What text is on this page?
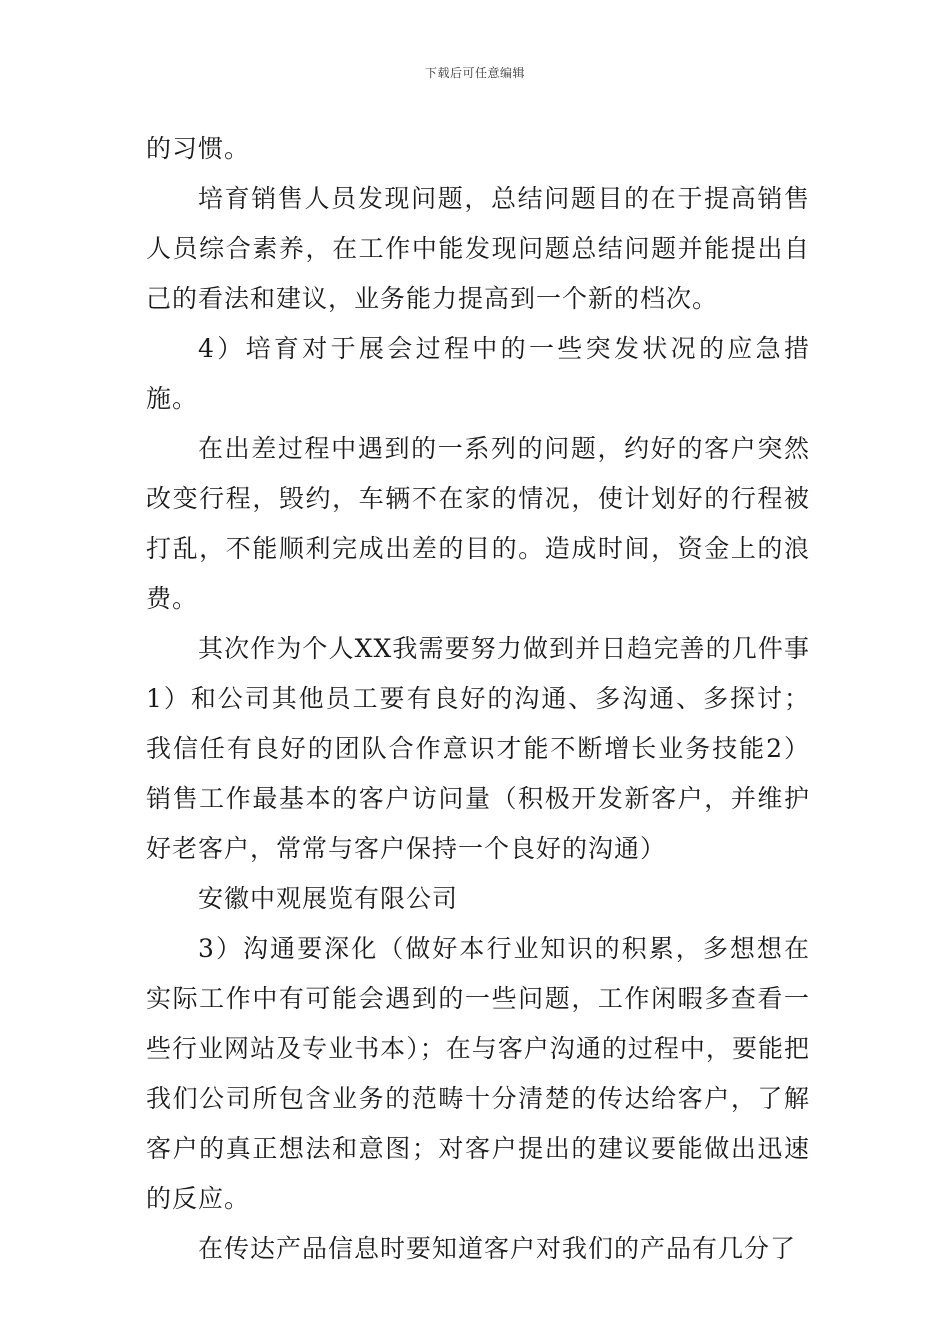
下载后可任意编辑

的习惯。

培育销售人员发现问题，总结问题目的在于提高销售人员综合素养，在工作中能发现问题总结问题并能提出自己的看法和建议，业务能力提高到一个新的档次。

4）培育对于展会过程中的一些突发状况的应急措施。

在出差过程中遇到的一系列的问题，约好的客户突然改变行程，毁约，车辆不在家的情况，使计划好的行程被打乱，不能顺利完成出差的目的。造成时间，资金上的浪费。

其次作为个人XX我需要努力做到并日趋完善的几件事1）和公司其他员工要有良好的沟通、多沟通、多探讨；我信任有良好的团队合作意识才能不断增长业务技能2）销售工作最基本的客户访问量（积极开发新客户，并维护好老客户，常常与客户保持一个良好的沟通）

安徽中观展览有限公司

3）沟通要深化（做好本行业知识的积累，多想想在实际工作中有可能会遇到的一些问题，工作闲暇多查看一些行业网站及专业书本）；在与客户沟通的过程中，要能把我们公司所包含业务的范畴十分清楚的传达给客户，了解客户的真正想法和意图；对客户提出的建议要能做出迅速的反应。

在传达产品信息时要知道客户对我们的产品有几分了
